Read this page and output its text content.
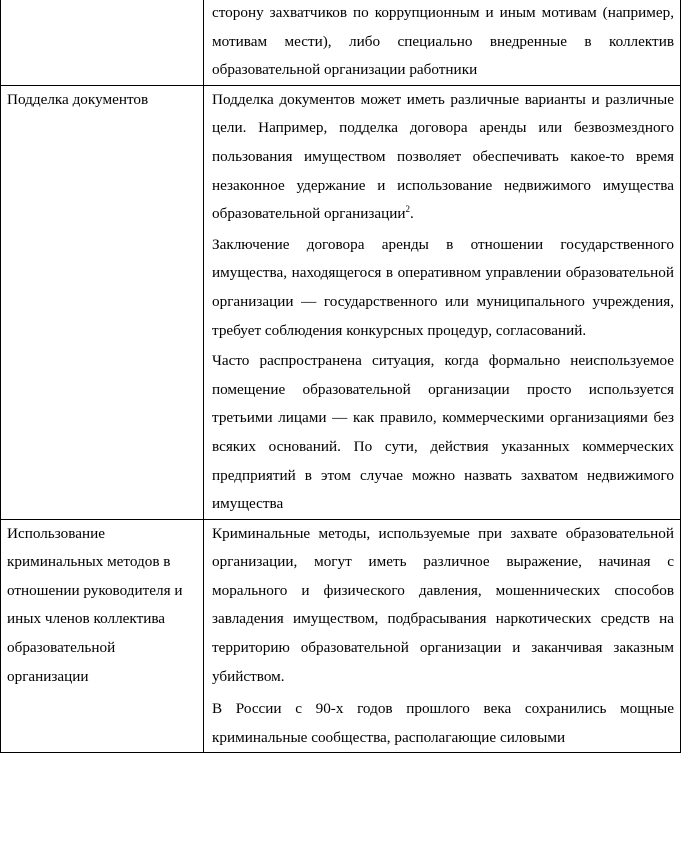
	сторону захватчиков по коррупционным и иным мотивам (например, мотивам мести), либо специально внедренные в коллектив образовательной организации работники

Подделка документов	Подделка документов может иметь различные варианты и различные цели. Например, подделка договора аренды или безвозмездного пользования имуществом позволяет обеспечивать какое-то время незаконное удержание и использование недвижимого имущества образовательной организации$^2$.

Заключение договора аренды в отношении государственного имущества, находящегося в оперативном управлении образовательной организации — государственного или муниципального учреждения, требует соблюдения конкурсных процедур, согласований.

Часто распространена ситуация, когда формально неиспользуемое помещение образовательной организации просто используется третьими лицами — как правило, коммерческими организациями без всяких оснований. По сути, действия указанных коммерческих предприятий в этом случае можно назвать захватом недвижимого имущества

Использование криминальных методов в отношении руководителя и иных членов коллектива образовательной организации	Криминальные методы, используемые при захвате образовательной организации, могут иметь различное выражение, начиная с морального и физического давления, мошеннических способов завладения имуществом, подбрасывания наркотических средств на территорию образовательной организации и заканчивая заказным убийством.

В России с 90-х годов прошлого века сохранились мощные криминальные сообщества, располагающие силовыми
